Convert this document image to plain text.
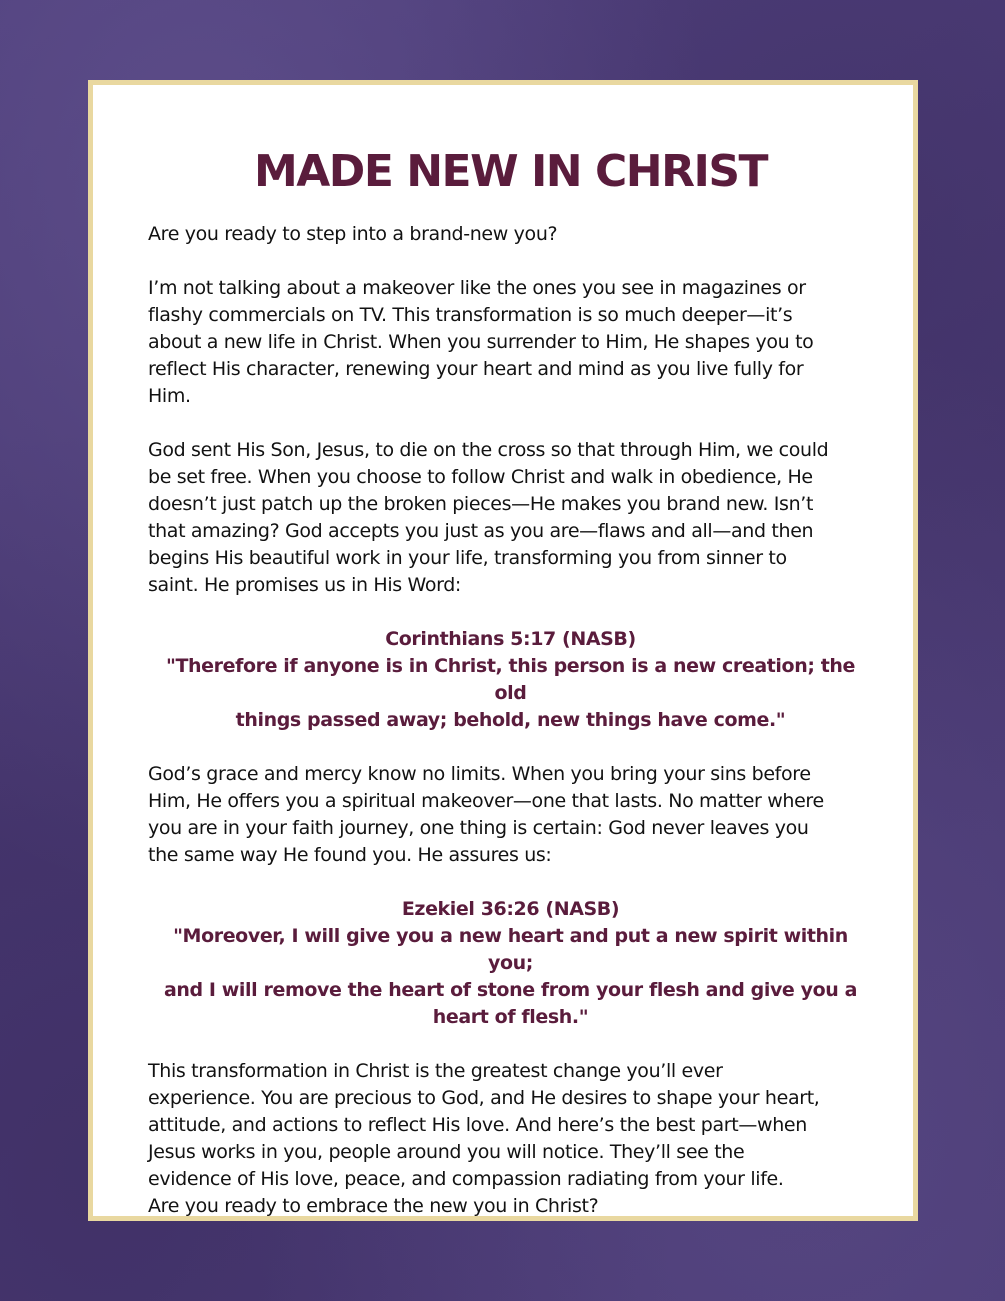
MADE NEW IN CHRIST

Are you ready to step into a brand-new you?

I’m not talking about a makeover like the ones you see in magazines or
flashy commercials on TV. This transformation is so much deeper—it’s
about a new life in Christ. When you surrender to Him, He shapes you to
reflect His character, renewing your heart and mind as you live fully for
Him.

God sent His Son, Jesus, to die on the cross so that through Him, we could
be set free. When you choose to follow Christ and walk in obedience, He
doesn’t just patch up the broken pieces—He makes you brand new. Isn’t
that amazing? God accepts you just as you are—flaws and all—and then
begins His beautiful work in your life, transforming you from sinner to
saint. He promises us in His Word:

Corinthians 5:17 (NASB)
"Therefore if anyone is in Christ, this person is a new creation; the old
things passed away; behold, new things have come."

God’s grace and mercy know no limits. When you bring your sins before
Him, He offers you a spiritual makeover—one that lasts. No matter where
you are in your faith journey, one thing is certain: God never leaves you
the same way He found you. He assures us:

Ezekiel 36:26 (NASB)
"Moreover, I will give you a new heart and put a new spirit within you;
and I will remove the heart of stone from your flesh and give you a
heart of flesh."

This transformation in Christ is the greatest change you’ll ever
experience. You are precious to God, and He desires to shape your heart,
attitude, and actions to reflect His love. And here’s the best part—when
Jesus works in you, people around you will notice. They’ll see the
evidence of His love, peace, and compassion radiating from your life.
Are you ready to embrace the new you in Christ?
